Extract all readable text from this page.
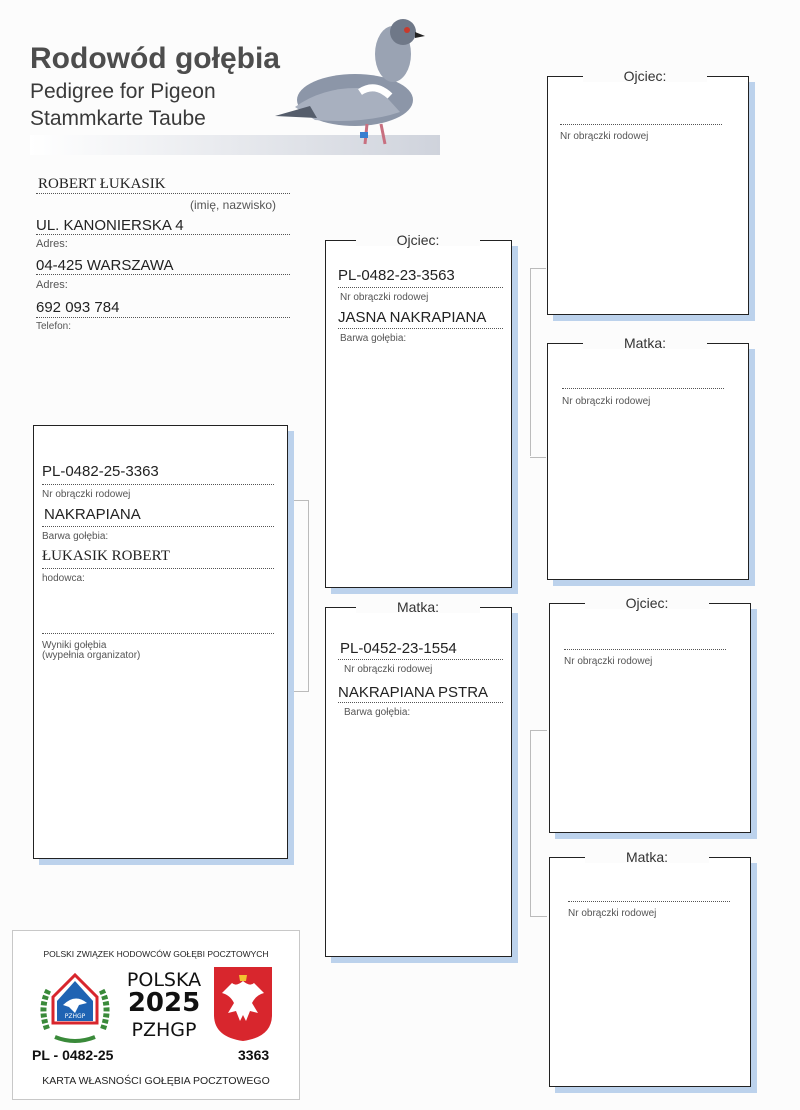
Rodowód gołębia
Pedigree for Pigeon
Stammkarte Taube
ROBERT ŁUKASIK
(imię, nazwisko)
UL. KANONIERSKA 4
Adres:
04-425 WARSZAWA
Adres:
692 093 784
Telefon:
PL-0482-25-3363
Nr obrączki rodowej
NAKRAPIANA
Barwa gołębia:
ŁUKASIK ROBERT
hodowca:
Wyniki gołębia
(wypełnia organizator)
Ojciec:
PL-0482-23-3563
Nr obrączki rodowej
JASNA NAKRAPIANA
Barwa gołębia:
Matka:
PL-0452-23-1554
Nr obrączki rodowej
NAKRAPIANA PSTRA
Barwa gołębia:
Ojciec:
Nr obrączki rodowej
Matka:
Nr obrączki rodowej
Ojciec:
Nr obrączki rodowej
Matka:
Nr obrączki rodowej
POLSKI ZWIĄZEK HODOWCÓW GOŁĘBI POCZTOWYCH
PZHGP
POLSKA
2025
PZHGP
PL - 0482-25	3363
KARTA WŁASNOŚCI GOŁĘBIA POCZTOWEGO
